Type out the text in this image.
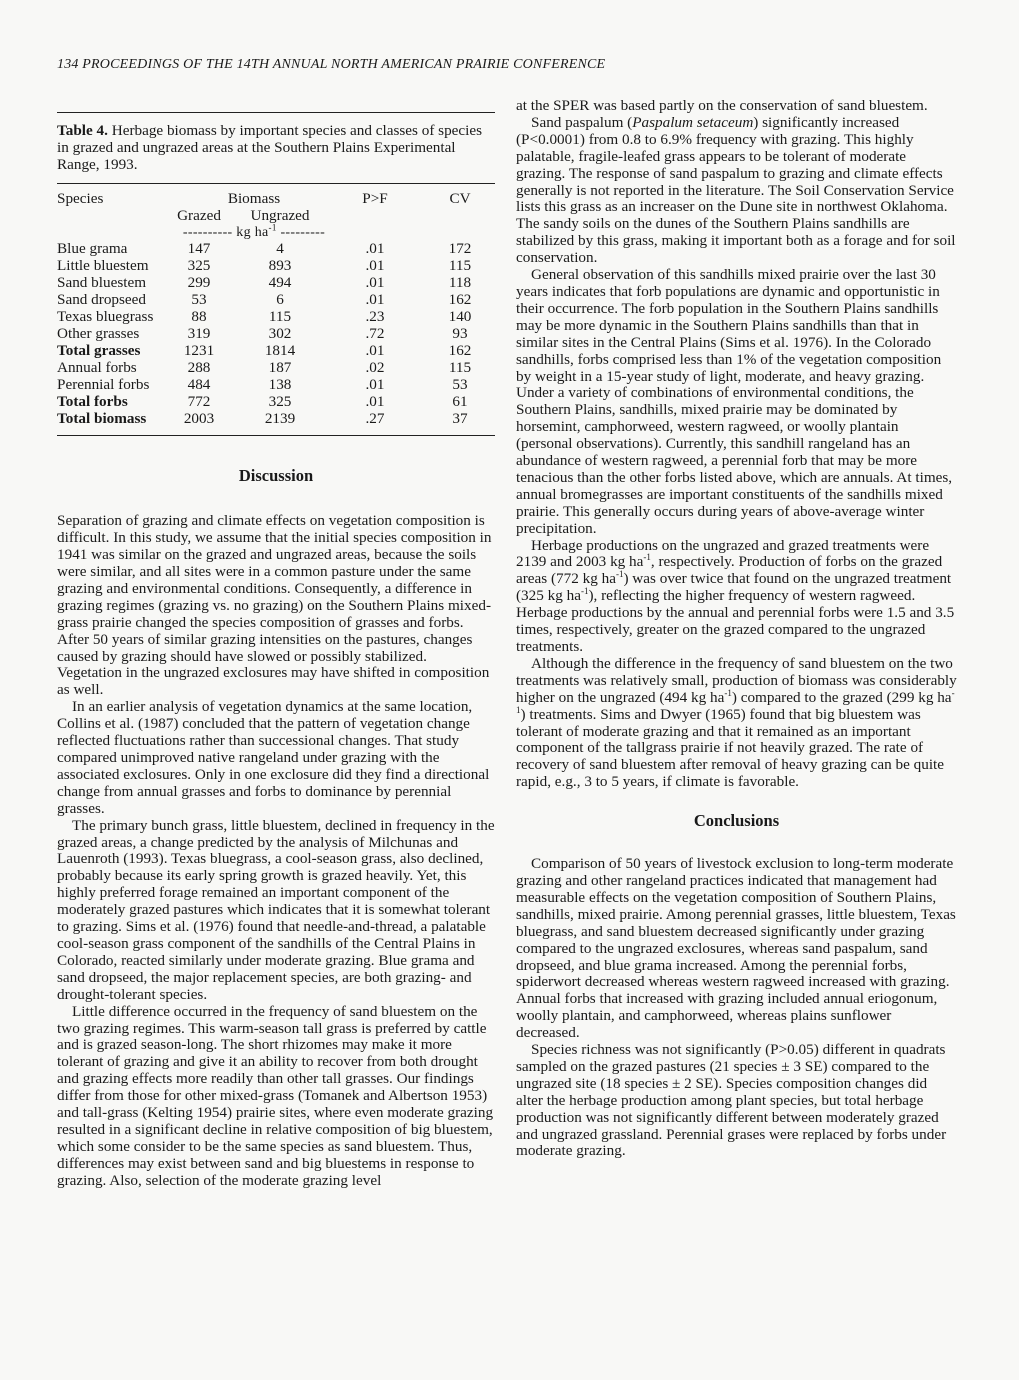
134 PROCEEDINGS OF THE 14TH ANNUAL NORTH AMERICAN PRAIRIE CONFERENCE
Table 4. Herbage biomass by important species and classes of species in grazed and ungrazed areas at the Southern Plains Experimental Range, 1993.
Species	Biomass		P>F	CV
	Grazed	Ungrazed		
	---------- kg $ha^{-1}$ ---------			
Blue grama	147	4	.01	172
Little bluestem	325	893	.01	115
Sand bluestem	299	494	.01	118
Sand dropseed	53	6	.01	162
Texas bluegrass	88	115	.23	140
Other grasses	319	302	.72	93
Total grasses	1231	1814	.01	162
Annual forbs	288	187	.02	115
Perennial forbs	484	138	.01	53
Total forbs	772	325	.01	61
Total biomass	2003	2139	.27	37
Discussion

Separation of grazing and climate effects on vegetation composition is difficult. In this study, we assume that the initial species composition in 1941 was similar on the grazed and ungrazed areas, because the soils were similar, and all sites were in a common pasture under the same grazing and environmental conditions. Consequently, a difference in grazing regimes (grazing vs. no grazing) on the Southern Plains mixed-grass prairie changed the species composition of grasses and forbs. After 50 years of similar grazing intensities on the pastures, changes caused by grazing should have slowed or possibly stabilized. Vegetation in the ungrazed exclosures may have shifted in composition as well.

In an earlier analysis of vegetation dynamics at the same location, Collins et al. (1987) concluded that the pattern of vegetation change reflected fluctuations rather than successional changes. That study compared unimproved native rangeland under grazing with the associated exclosures. Only in one exclosure did they find a directional change from annual grasses and forbs to dominance by perennial grasses.

The primary bunch grass, little bluestem, declined in frequency in the grazed areas, a change predicted by the analysis of Milchunas and Lauenroth (1993). Texas bluegrass, a cool-season grass, also declined, probably because its early spring growth is grazed heavily. Yet, this highly preferred forage remained an important component of the moderately grazed pastures which indicates that it is somewhat tolerant to grazing. Sims et al. (1976) found that needle-and-thread, a palatable cool-season grass component of the sandhills of the Central Plains in Colorado, reacted similarly under moderate grazing. Blue grama and sand dropseed, the major replacement species, are both grazing- and drought-tolerant species.

Little difference occurred in the frequency of sand bluestem on the two grazing regimes. This warm-season tall grass is preferred by cattle and is grazed season-long. The short rhizomes may make it more tolerant of grazing and give it an ability to recover from both drought and grazing effects more readily than other tall grasses. Our findings differ from those for other mixed-grass (Tomanek and Albertson 1953) and tall-grass (Kelting 1954) prairie sites, where even moderate grazing resulted in a significant decline in relative composition of big bluestem, which some consider to be the same species as sand bluestem. Thus, differences may exist between sand and big bluestems in response to grazing. Also, selection of the moderate grazing level

at the SPER was based partly on the conservation of sand bluestem.

Sand paspalum (Paspalum setaceum) significantly increased (P<0.0001) from 0.8 to 6.9% frequency with grazing. This highly palatable, fragile-leafed grass appears to be tolerant of moderate grazing. The response of sand paspalum to grazing and climate effects generally is not reported in the literature. The Soil Conservation Service lists this grass as an increaser on the Dune site in northwest Oklahoma. The sandy soils on the dunes of the Southern Plains sandhills are stabilized by this grass, making it important both as a forage and for soil conservation.

General observation of this sandhills mixed prairie over the last 30 years indicates that forb populations are dynamic and opportunistic in their occurrence. The forb population in the Southern Plains sandhills may be more dynamic in the Southern Plains sandhills than that in similar sites in the Central Plains (Sims et al. 1976). In the Colorado sandhills, forbs comprised less than 1% of the vegetation composition by weight in a 15-year study of light, moderate, and heavy grazing. Under a variety of combinations of environmental conditions, the Southern Plains, sandhills, mixed prairie may be dominated by horsemint, camphorweed, western ragweed, or woolly plantain (personal observations). Currently, this sandhill rangeland has an abundance of western ragweed, a perennial forb that may be more tenacious than the other forbs listed above, which are annuals. At times, annual bromegrasses are important constituents of the sandhills mixed prairie. This generally occurs during years of above-average winter precipitation.

Herbage productions on the ungrazed and grazed treatments were 2139 and 2003 kg $ha^{-1}$, respectively. Production of forbs on the grazed areas (772 kg $ha^{-1}$) was over twice that found on the ungrazed treatment (325 kg $ha^{-1}$), reflecting the higher frequency of western ragweed. Herbage productions by the annual and perennial forbs were 1.5 and 3.5 times, respectively, greater on the grazed compared to the ungrazed treatments.

Although the difference in the frequency of sand bluestem on the two treatments was relatively small, production of biomass was considerably higher on the ungrazed (494 kg $ha^{-1}$) compared to the grazed (299 kg $ha^{-1}$) treatments. Sims and Dwyer (1965) found that big bluestem was tolerant of moderate grazing and that it remained as an important component of the tallgrass prairie if not heavily grazed. The rate of recovery of sand bluestem after removal of heavy grazing can be quite rapid, e.g., 3 to 5 years, if climate is favorable.

Conclusions

Comparison of 50 years of livestock exclusion to long-term moderate grazing and other rangeland practices indicated that management had measurable effects on the vegetation composition of Southern Plains, sandhills, mixed prairie. Among perennial grasses, little bluestem, Texas bluegrass, and sand bluestem decreased significantly under grazing compared to the ungrazed exclosures, whereas sand paspalum, sand dropseed, and blue grama increased. Among the perennial forbs, spiderwort decreased whereas western ragweed increased with grazing. Annual forbs that increased with grazing included annual eriogonum, woolly plantain, and camphorweed, whereas plains sunflower decreased.

Species richness was not significantly (P>0.05) different in quadrats sampled on the grazed pastures (21 species ± 3 SE) compared to the ungrazed site (18 species ± 2 SE). Species composition changes did alter the herbage production among plant species, but total herbage production was not significantly different between moderately grazed and ungrazed grassland. Perennial grases were replaced by forbs under moderate grazing.
